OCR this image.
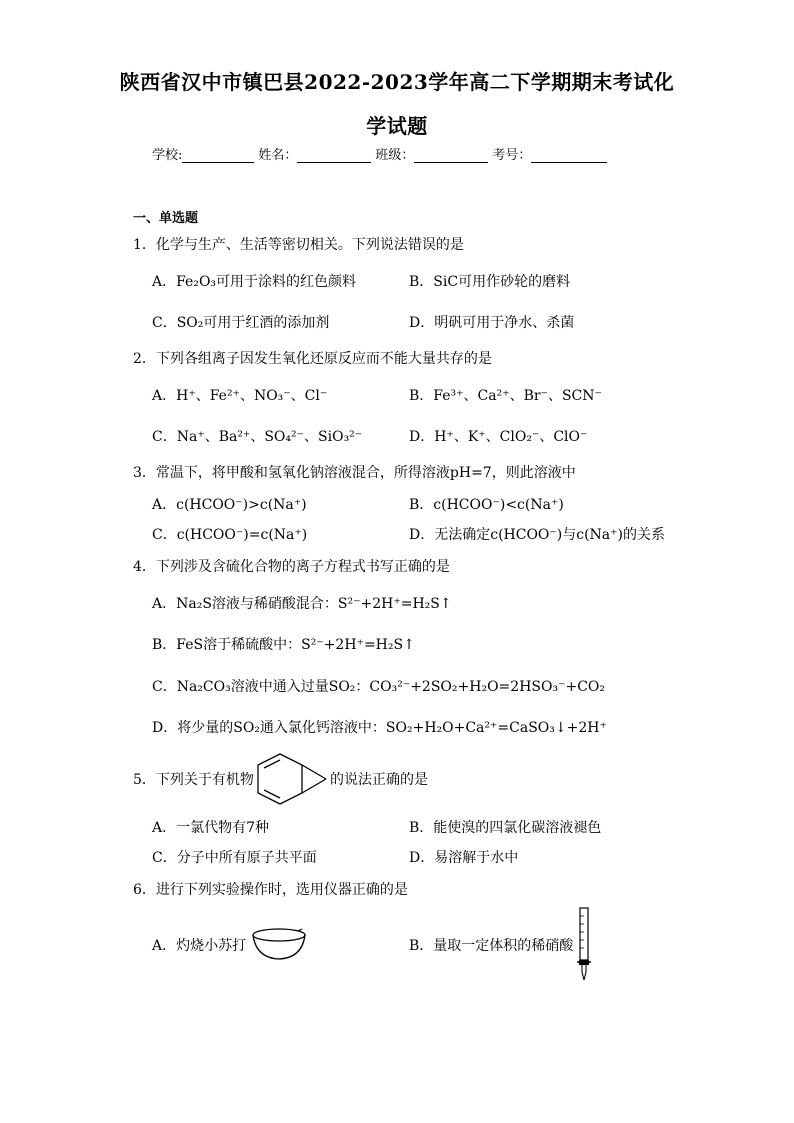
陕西省汉中市镇巴县2022-2023学年高二下学期期末考试化
学试题
学校:	姓名：	班级：	考号：
一、单选题
1．化学与生产、生活等密切相关。下列说法错误的是
A．Fe₂O₃可用于涂料的红色颜料	B．SiC可用作砂轮的磨料
C．SO₂可用于红酒的添加剂	D．明矾可用于净水、杀菌
2．下列各组离子因发生氧化还原反应而不能大量共存的是
A．H⁺、Fe²⁺、NO₃⁻、Cl⁻	B．Fe³⁺、Ca²⁺、Br⁻、SCN⁻
C．Na⁺、Ba²⁺、SO₄²⁻、SiO₃²⁻	D．H⁺、K⁺、ClO₂⁻、ClO⁻
3．常温下，将甲酸和氢氧化钠溶液混合，所得溶液pH=7，则此溶液中
A．c(HCOO⁻)>c(Na⁺)	B．c(HCOO⁻)<c(Na⁺)
C．c(HCOO⁻)=c(Na⁺)	D．无法确定c(HCOO⁻)与c(Na⁺)的关系
4．下列涉及含硫化合物的离子方程式书写正确的是
A．Na₂S溶液与稀硝酸混合：S²⁻+2H⁺=H₂S↑
B．FeS溶于稀硫酸中：S²⁻+2H⁺=H₂S↑
C．Na₂CO₃溶液中通入过量SO₂：CO₃²⁻+2SO₂+H₂O=2HSO₃⁻+CO₂
D．将少量的SO₂通入氯化钙溶液中：SO₂+H₂O+Ca²⁺=CaSO₃↓+2H⁺
5．下列关于有机物	的说法正确的是
A．一氯代物有7种	B．能使溴的四氯化碳溶液褪色
C．分子中所有原子共平面	D．易溶解于水中
6．进行下列实验操作时，选用仪器正确的是
A．灼烧小苏打	B．量取一定体积的稀硝酸
